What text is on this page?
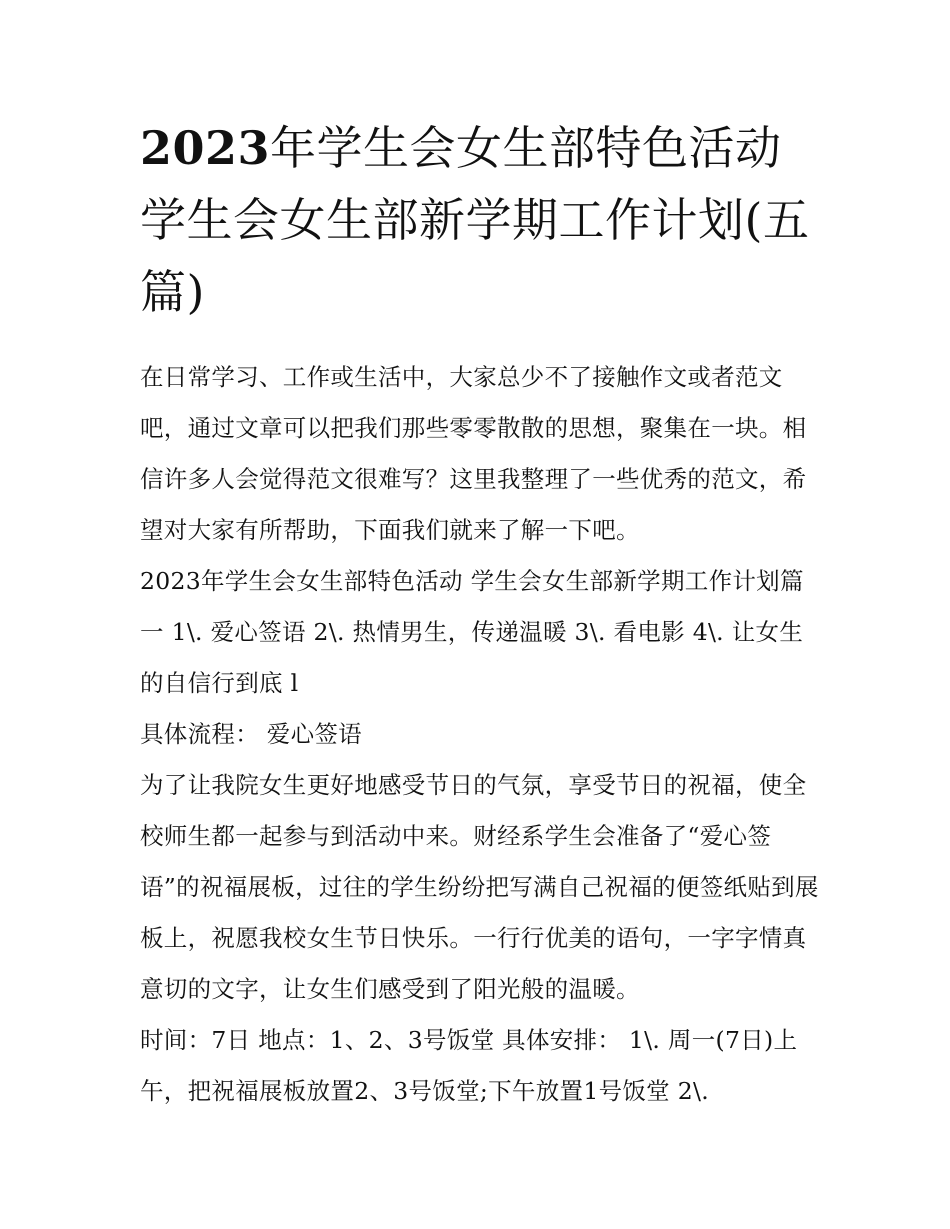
2023年学生会女生部特色活动学生会女生部新学期工作计划(五篇)

在日常学习、工作或生活中，大家总少不了接触作文或者范文吧，通过文章可以把我们那些零零散散的思想，聚集在一块。相信许多人会觉得范文很难写？这里我整理了一些优秀的范文，希望对大家有所帮助，下面我们就来了解一下吧。

2023年学生会女生部特色活动 学生会女生部新学期工作计划篇一 1\. 爱心签语 2\. 热情男生，传递温暖 3\. 看电影 4\. 让女生的自信行到底 l

具体流程： 爱心签语

为了让我院女生更好地感受节日的气氛，享受节日的祝福，使全校师生都一起参与到活动中来。财经系学生会准备了“爱心签语”的祝福展板，过往的学生纷纷把写满自己祝福的便签纸贴到展板上，祝愿我校女生节日快乐。一行行优美的语句，一字字情真意切的文字，让女生们感受到了阳光般的温暖。

时间：7日 地点：1、2、3号饭堂 具体安排： 1\. 周一(7日)上午，把祝福展板放置2、3号饭堂;下午放置1号饭堂 2\.
